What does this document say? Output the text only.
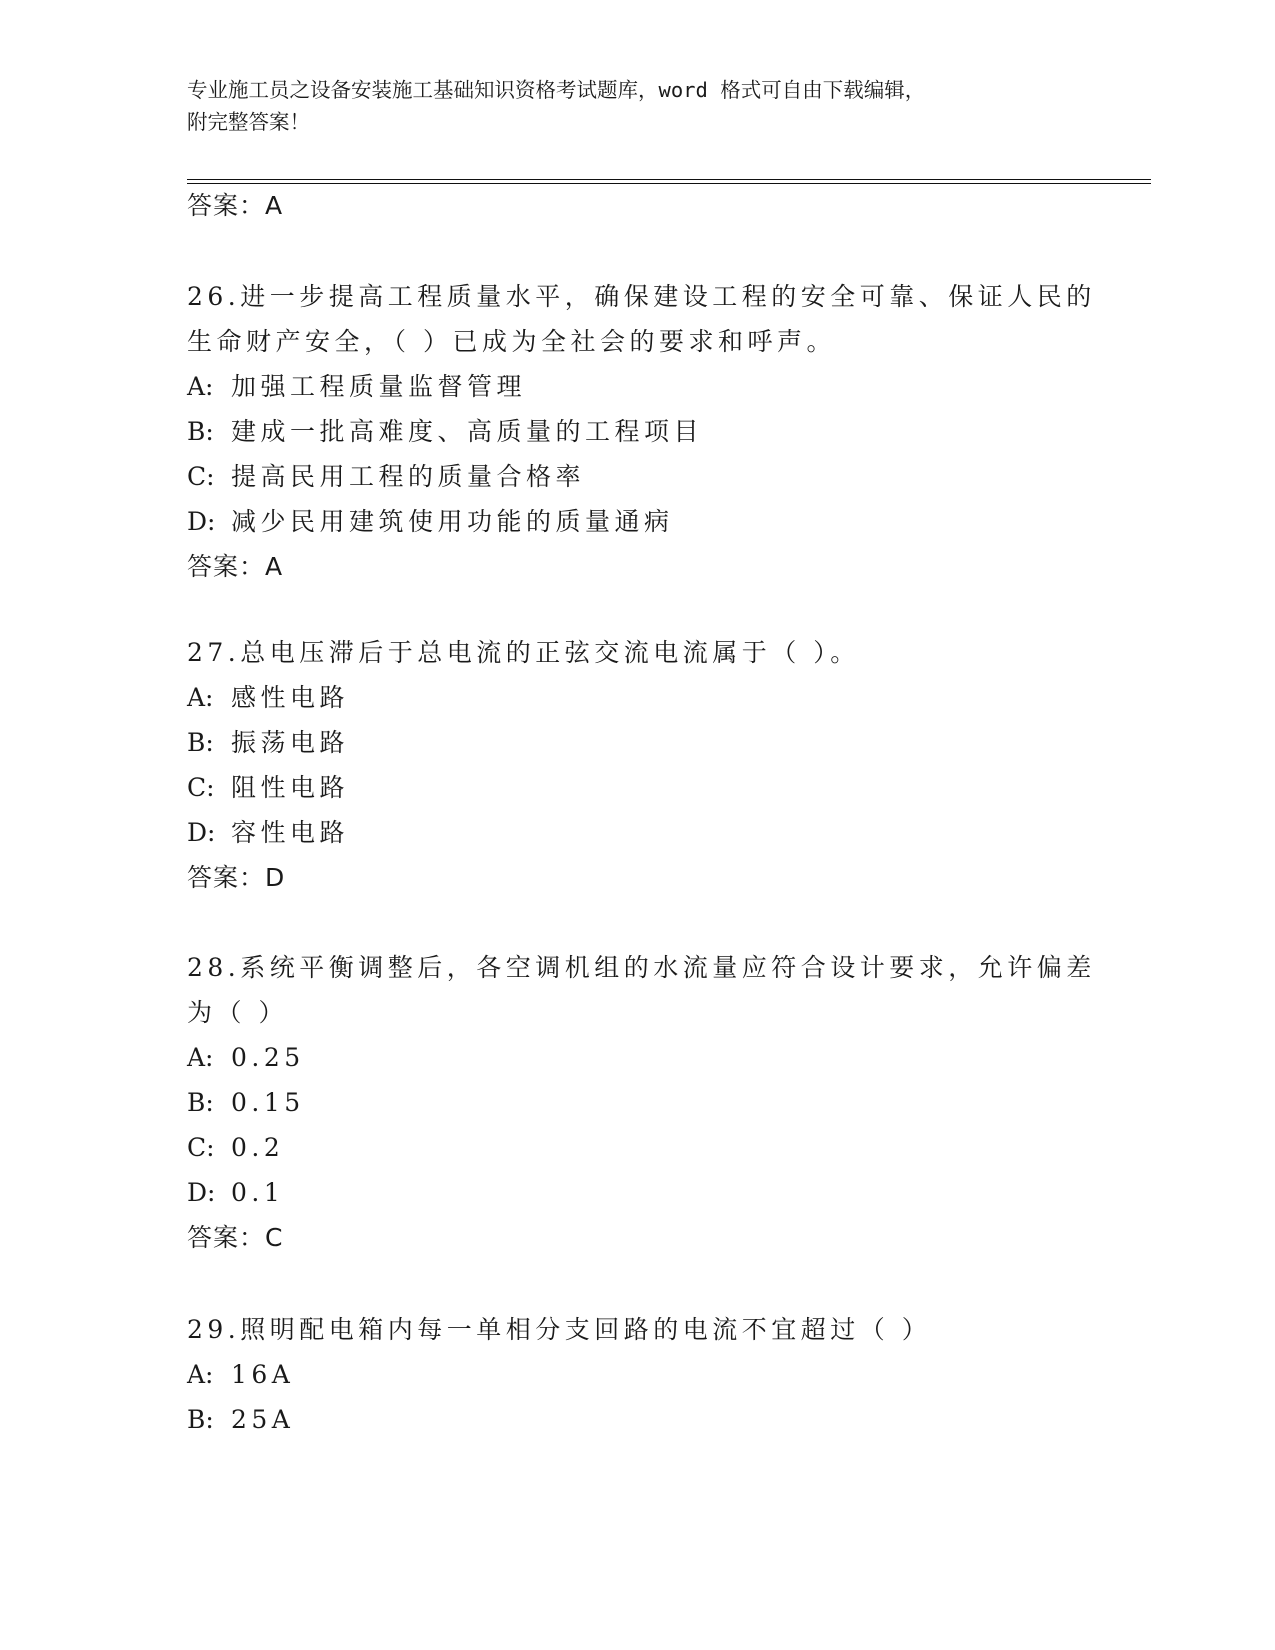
专业施工员之设备安装施工基础知识资格考试题库，word 格式可自由下载编辑，
附完整答案！
答案：A
26.进一步提高工程质量水平，确保建设工程的安全可靠、保证人民的
生命财产安全，（ ）已成为全社会的要求和呼声。
A: 加强工程质量监督管理
B: 建成一批高难度、高质量的工程项目
C: 提高民用工程的质量合格率
D: 减少民用建筑使用功能的质量通病
答案：A
27.总电压滞后于总电流的正弦交流电流属于（ ）。
A: 感性电路
B: 振荡电路
C: 阻性电路
D: 容性电路
答案：D
28.系统平衡调整后，各空调机组的水流量应符合设计要求，允许偏差
为（ ）
A: 0.25
B: 0.15
C: 0.2
D: 0.1
答案：C
29.照明配电箱内每一单相分支回路的电流不宜超过（ ）
A: 16A
B: 25A
